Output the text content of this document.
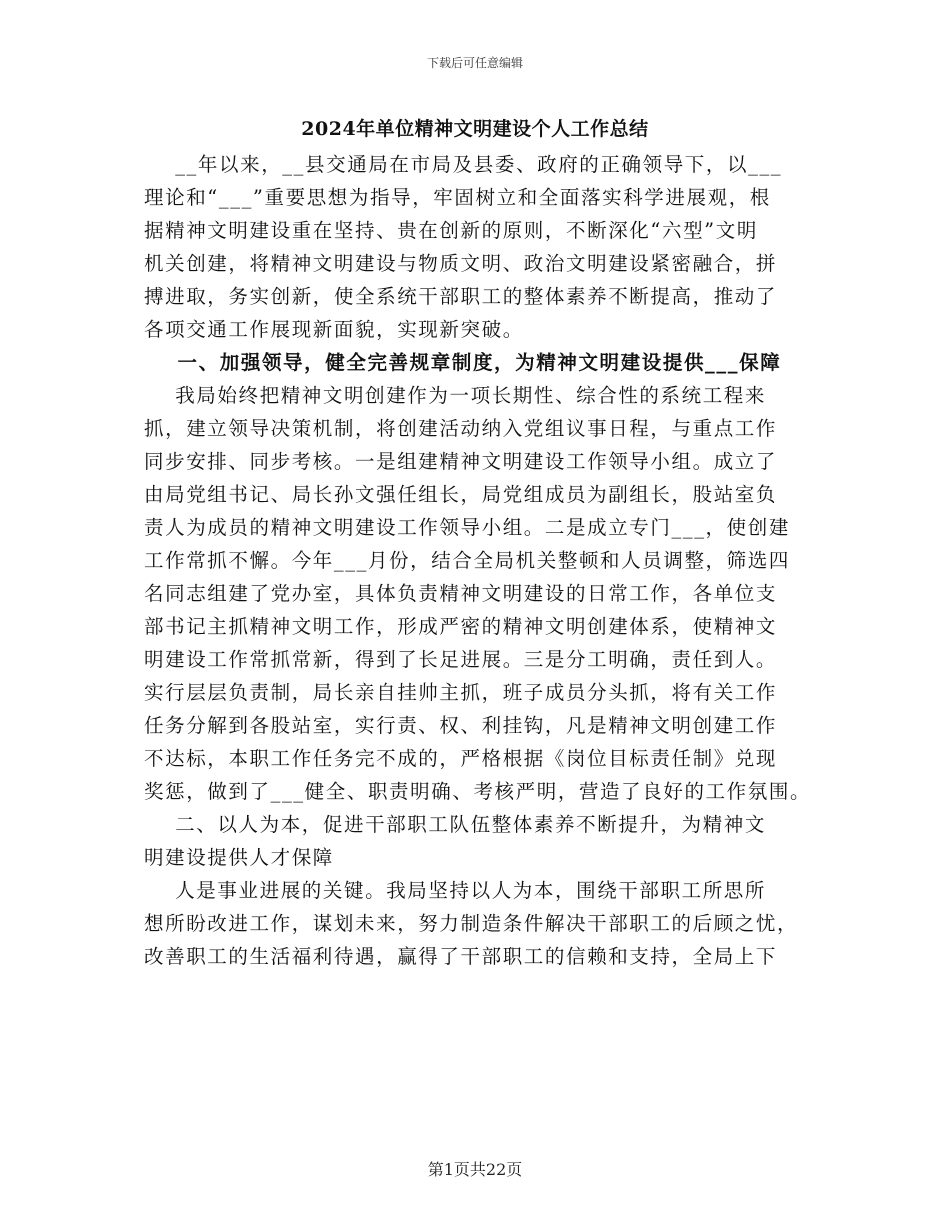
下载后可任意编辑
2024年单位精神文明建设个人工作总结
__年以来，__县交通局在市局及县委、政府的正确领导下，以___
理论和“___”重要思想为指导，牢固树立和全面落实科学进展观，根
据精神文明建设重在坚持、贵在创新的原则，不断深化“六型”文明
机关创建，将精神文明建设与物质文明、政治文明建设紧密融合，拼
搏进取，务实创新，使全系统干部职工的整体素养不断提高，推动了
各项交通工作展现新面貌，实现新突破。
一、加强领导，健全完善规章制度，为精神文明建设提供___保障
我局始终把精神文明创建作为一项长期性、综合性的系统工程来
抓，建立领导决策机制，将创建活动纳入党组议事日程，与重点工作
同步安排、同步考核。一是组建精神文明建设工作领导小组。成立了
由局党组书记、局长孙文强任组长，局党组成员为副组长，股站室负
责人为成员的精神文明建设工作领导小组。二是成立专门___，使创建
工作常抓不懈。今年___月份，结合全局机关整顿和人员调整，筛选四
名同志组建了党办室，具体负责精神文明建设的日常工作，各单位支
部书记主抓精神文明工作，形成严密的精神文明创建体系，使精神文
明建设工作常抓常新，得到了长足进展。三是分工明确，责任到人。
实行层层负责制，局长亲自挂帅主抓，班子成员分头抓，将有关工作
任务分解到各股站室，实行责、权、利挂钩，凡是精神文明创建工作
不达标，本职工作任务完不成的，严格根据《岗位目标责任制》兑现
奖惩，做到了___健全、职责明确、考核严明，营造了良好的工作氛围。
二、以人为本，促进干部职工队伍整体素养不断提升，为精神文
明建设提供人才保障
人是事业进展的关键。我局坚持以人为本，围绕干部职工所思所
想所盼改进工作，谋划未来，努力制造条件解决干部职工的后顾之忧，
改善职工的生活福利待遇，赢得了干部职工的信赖和支持，全局上下
第1页共22页
